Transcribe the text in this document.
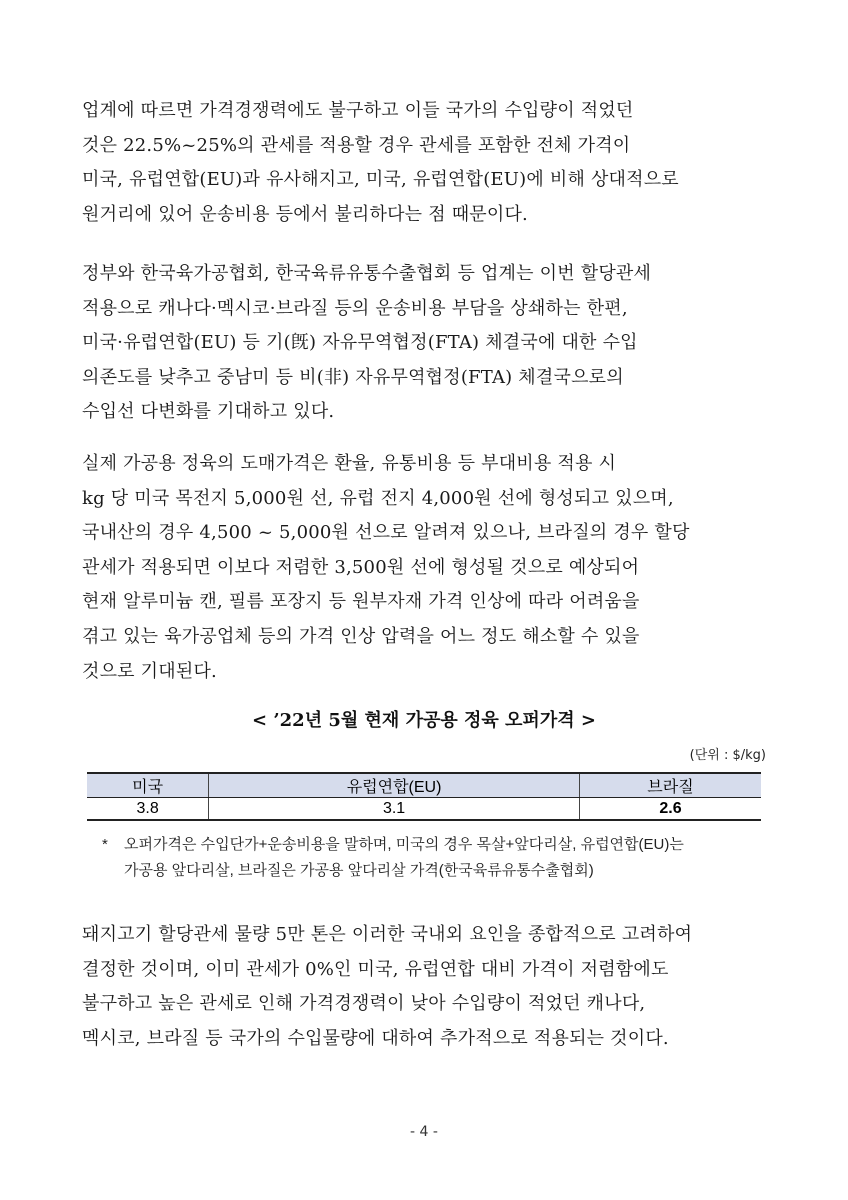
업계에 따르면 가격경쟁력에도 불구하고 이들 국가의 수입량이 적었던
것은 22.5%~25%의 관세를 적용할 경우 관세를 포함한 전체 가격이
미국, 유럽연합(EU)과 유사해지고, 미국, 유럽연합(EU)에 비해 상대적으로
원거리에 있어 운송비용 등에서 불리하다는 점 때문이다.
정부와 한국육가공협회, 한국육류유통수출협회 등 업계는 이번 할당관세
적용으로 캐나다·멕시코·브라질 등의 운송비용 부담을 상쇄하는 한편,
미국·유럽연합(EU) 등 기(旣) 자유무역협정(FTA) 체결국에 대한 수입
의존도를 낮추고 중남미 등 비(非) 자유무역협정(FTA) 체결국으로의
수입선 다변화를 기대하고 있다.
실제 가공용 정육의 도매가격은 환율, 유통비용 등 부대비용 적용 시
kg 당 미국 목전지 5,000원 선, 유럽 전지 4,000원 선에 형성되고 있으며,
국내산의 경우 4,500 ~ 5,000원 선으로 알려져 있으나, 브라질의 경우 할당
관세가 적용되면 이보다 저렴한 3,500원 선에 형성될 것으로 예상되어
현재 알루미늄 캔, 필름 포장지 등 원부자재 가격 인상에 따라 어려움을
겪고 있는 육가공업체 등의 가격 인상 압력을 어느 정도 해소할 수 있을
것으로 기대된다.
< ’22년 5월 현재 가공용 정육 오퍼가격 >
(단위 : $/kg)
미국	유럽연합(EU)	브라질
3.8	3.1	2.6
* 오퍼가격은 수입단가+운송비용을 말하며, 미국의 경우 목살+앞다리살, 유럽연합(EU)는
가공용 앞다리살, 브라질은 가공용 앞다리살 가격(한국육류유통수출협회)
돼지고기 할당관세 물량 5만 톤은 이러한 국내외 요인을 종합적으로 고려하여
결정한 것이며, 이미 관세가 0%인 미국, 유럽연합 대비 가격이 저렴함에도
불구하고 높은 관세로 인해 가격경쟁력이 낮아 수입량이 적었던 캐나다,
멕시코, 브라질 등 국가의 수입물량에 대하여 추가적으로 적용되는 것이다.
- 4 -
